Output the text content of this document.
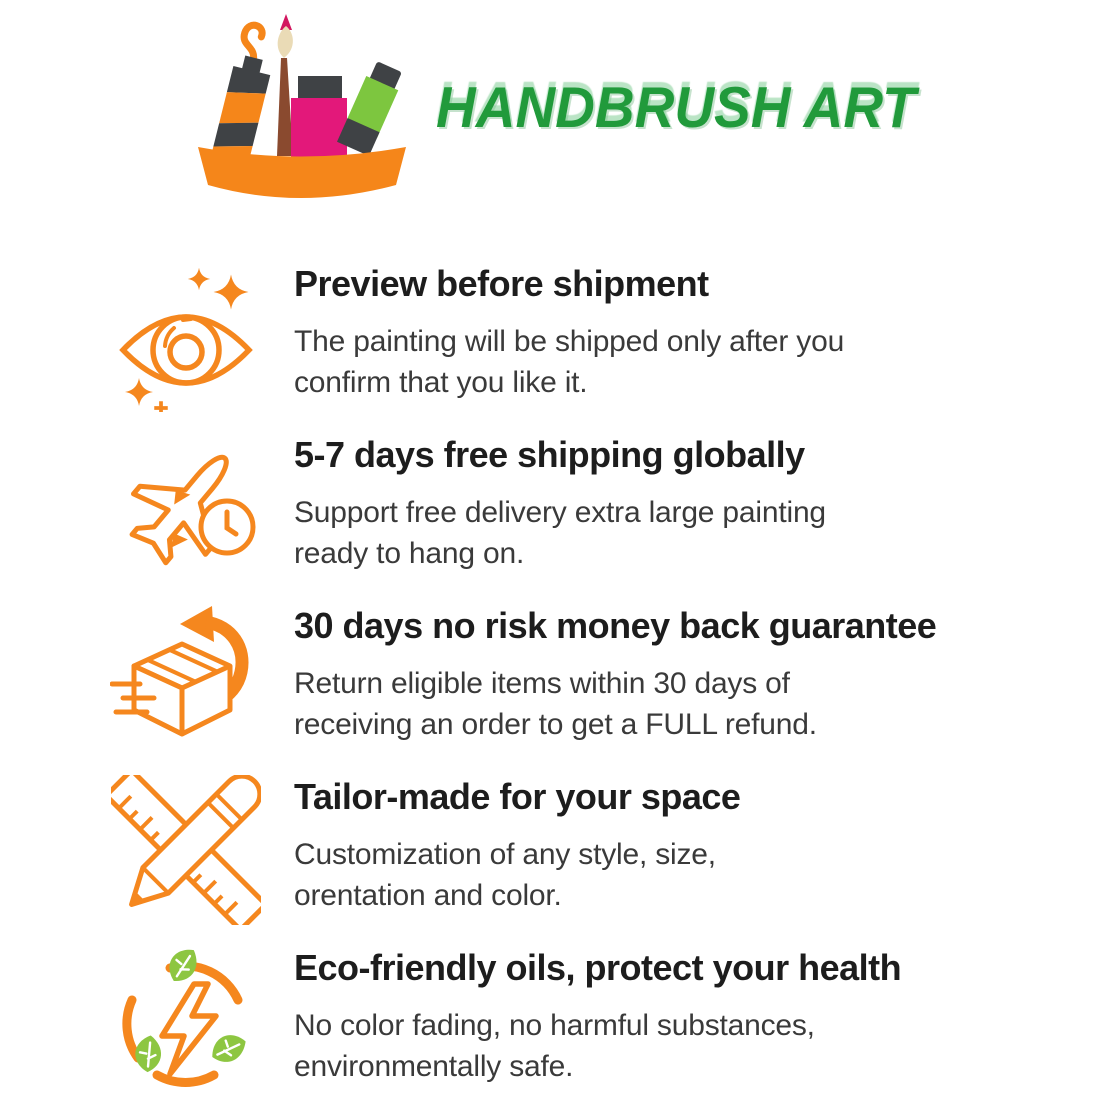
HANDBRUSH ART
Preview before shipment
The painting will be shipped only after you
confirm that you like it.
5-7 days free shipping globally
Support free delivery extra large painting
ready to hang on.
30 days no risk money back guarantee
Return eligible items within 30 days of
receiving an order to get a FULL refund.
Tailor-made for your space
Customization of any style, size,
orentation and color.
Eco-friendly oils, protect your health
No color fading, no harmful substances,
environmentally safe.
